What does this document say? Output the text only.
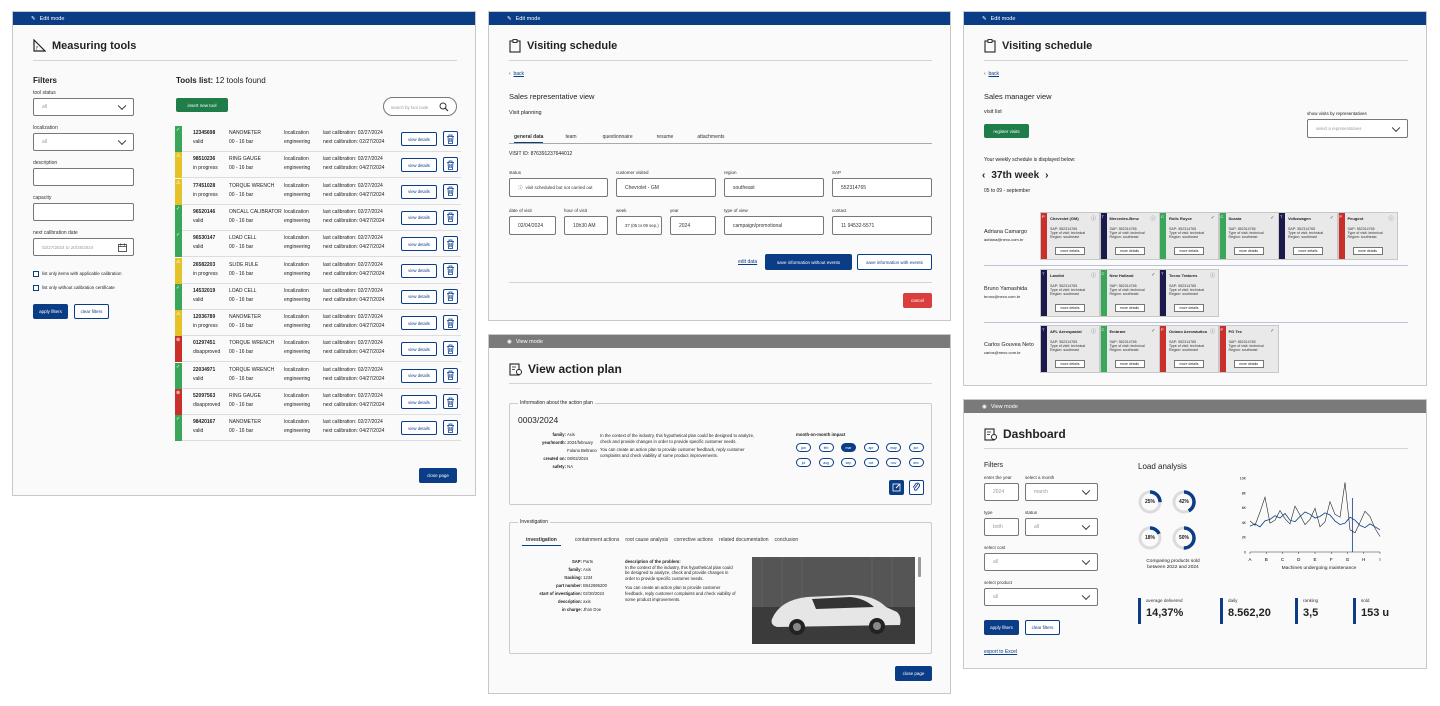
✎ Edit mode
Measuring tools
Filters
tool status
all
localization
all
description
capacity
next calibration date
02/27/2024 to 20/28/2024
list only items with applicable calibration
list only without calibration certificate
apply filters	clear filters
Tools list: 12 tools found
insert new tool	search by tool code
✓	12345698
valid
NANOMETER
00 - 16 bar
localization
engineering
last calibration: 02/27/2024
next calibration: 02/27/2024	view details
⚠	98510236
in progress
RING GAUGE
00 - 16 bar
localization
engineering
last calibration: 02/27/2024
next calibration: 04/27/2024	view details
⚠	77451028
in progress
TORQUE WRENCH
00 - 16 bar
localization
engineering
last calibration: 02/27/2024
next calibration: 04/27/2024	view details
✓	96520146
valid
ONCALL CALIBRATOR
00 - 16 bar
localization
engineering
last calibration: 02/27/2024
next calibration: 04/27/2024	view details
✓	96530147
valid
LOAD CELL
00 - 16 bar
localization
engineering
last calibration: 02/27/2024
next calibration: 04/27/2024	view details
⚠	26582203
in progress
SLIDE RULE
00 - 16 bar
localization
engineering
last calibration: 02/27/2024
next calibration: 04/27/2024	view details
✓	14532019
valid
LOAD CELL
00 - 16 bar
localization
engineering
last calibration: 02/27/2024
next calibration: 04/27/2024	view details
⚠	12036789
in progress
NANOMETER
00 - 16 bar
localization
engineering
last calibration: 02/27/2024
next calibration: 04/27/2024	view details
⊗	01297451
disapproved
TORQUE WRENCH
00 - 16 bar
localization
engineering
last calibration: 02/27/2024
next calibration: 04/27/2024	view details
✓	22034971
valid
TORQUE WRENCH
00 - 16 bar
localization
engineering
last calibration: 02/27/2024
next calibration: 04/27/2024	view details
⊗	52097563
disapproved
RING GAUGE
00 - 16 bar
localization
engineering
last calibration: 02/27/2024
next calibration: 04/27/2024	view details
✓	98420167
valid
NANOMETER
00 - 16 bar
localization
engineering
last calibration: 02/27/2024
next calibration: 04/27/2024	view details
close page
✎ Edit mode
Visiting schedule
‹  back
Sales representative view
Visit planning
general data	team	questionnaire	resume	attachments
VISIT ID: 876391237644012
status
ⓘ visit scheduled but not carried out
customer visited
Chevrolet - GM
region
southeast
SAP
552314765
date of visit
02/04/2024
hour of visit
10h30 AM
week
37 (05 to 09 sep.)
year
2024
type of view
campaign/promotional
contact
11 94532-5571
edit data	save information without events	save information with events
cancel
◉ View mode
View action plan
Information about the action plan
0003/2024
family: Axis
year/month: 2024/february
Fulano Beltrano
created on: 08/02/2024
safety: NA

In the context of the industry, this hypothetical plan could be designed to analyze, check and provide changes in order to provide specific customer needs.

You can create an action plan to provide customer feedback, reply customer complaints and check viability of some product improvements.

month-on-month impact
jan	feb	mar	apr	may	jun
jul	aug	sep	oct	nov	dec
Investigation
investigation	containment actions root cause analysis corrective actions related documentation conclusion
SAP: Parts
family: Axis
tracking: 1234
part number: B542695200
start of investigation: 02/30/2024
description: axis
in charge: Jhon Doe
description of the problem:

In the context of the industry, this hypothetical plan could be designed to analyze, check and provide changes in order to provide specific customer needs.

You can create an action plan to provide customer feedback, reply customer complaints and check viability of some product improvements.

close page
✎ Edit mode
Visiting schedule
‹  back
Sales manager view
visit list
register visits
show visits by representatives
select a representatives
Your weekly schedule is displayed below:
‹ 37th week ›
05 to 09 - september
Adriana Camargo
adriana@nexo.com.br
P Chevrolet (GM) ⓘ
SAP: 552314765
Type of visit: technical
Region: southeast
more details
T Mercedes-Benz ⓘ
SAP: 552314765
Type of visit: technical
Region: southeast
more details
C Rolls Royce	✓
SAP: 552314765
Type of visit: technical
Region: southeast
more details
C Scania	✓
SAP: 552314765
Type of visit: technical
Region: southeast
more details
T Volkswagen	✓
SAP: 552314765
Type of visit: technical
Region: southeast
more details
P Peugeot	ⓘ
SAP: 552314765
Type of visit: technical
Region: southeast
more details
Bruno Yamashida
bruno@nexo.com.br
T Landini	ⓘ
SAP: 552314765
Type of visit: technical
Region: southeast
more details
C New Holland	✓
SAP: 552314765
Type of visit: technical
Region: southeast
more details
T Tecno Tratores	ⓘ
SAP: 552314765
Type of visit: technical
Region: southeast
more details
Carlos Gouvea Neto
carlos@nexo.com.br
T APL Aerospacial ⓘ
SAP: 552314765
Type of visit: technical
Region: southeast
more details
C Embraer	✓
SAP: 552314765
Type of visit: technical
Region: southeast
more details
P Octano Aeronáutica ⓘ
SAP: 552314765
Type of visit: technical
Region: southeast
more details
P PG Tec	✓
SAP: 552314765
Type of visit: technical
Region: southeast
more details
◉ View mode
Dashboard
Filters
enter the year
2024
select a month
march
type
both
status
all
select cost
all
select product
all
apply filters	clear filters
export to Excel
Load analysis
25%	42%
18%	50%
Comparing products sold between 2022 and 2024
10K
8K
6K
4K
2K
0
A	B	C	D	E	F	G	H	I
Machines undergoing maintenance
average delivered
14,37%
daily
8.562,20
ranking
3,5
sold
153 u
